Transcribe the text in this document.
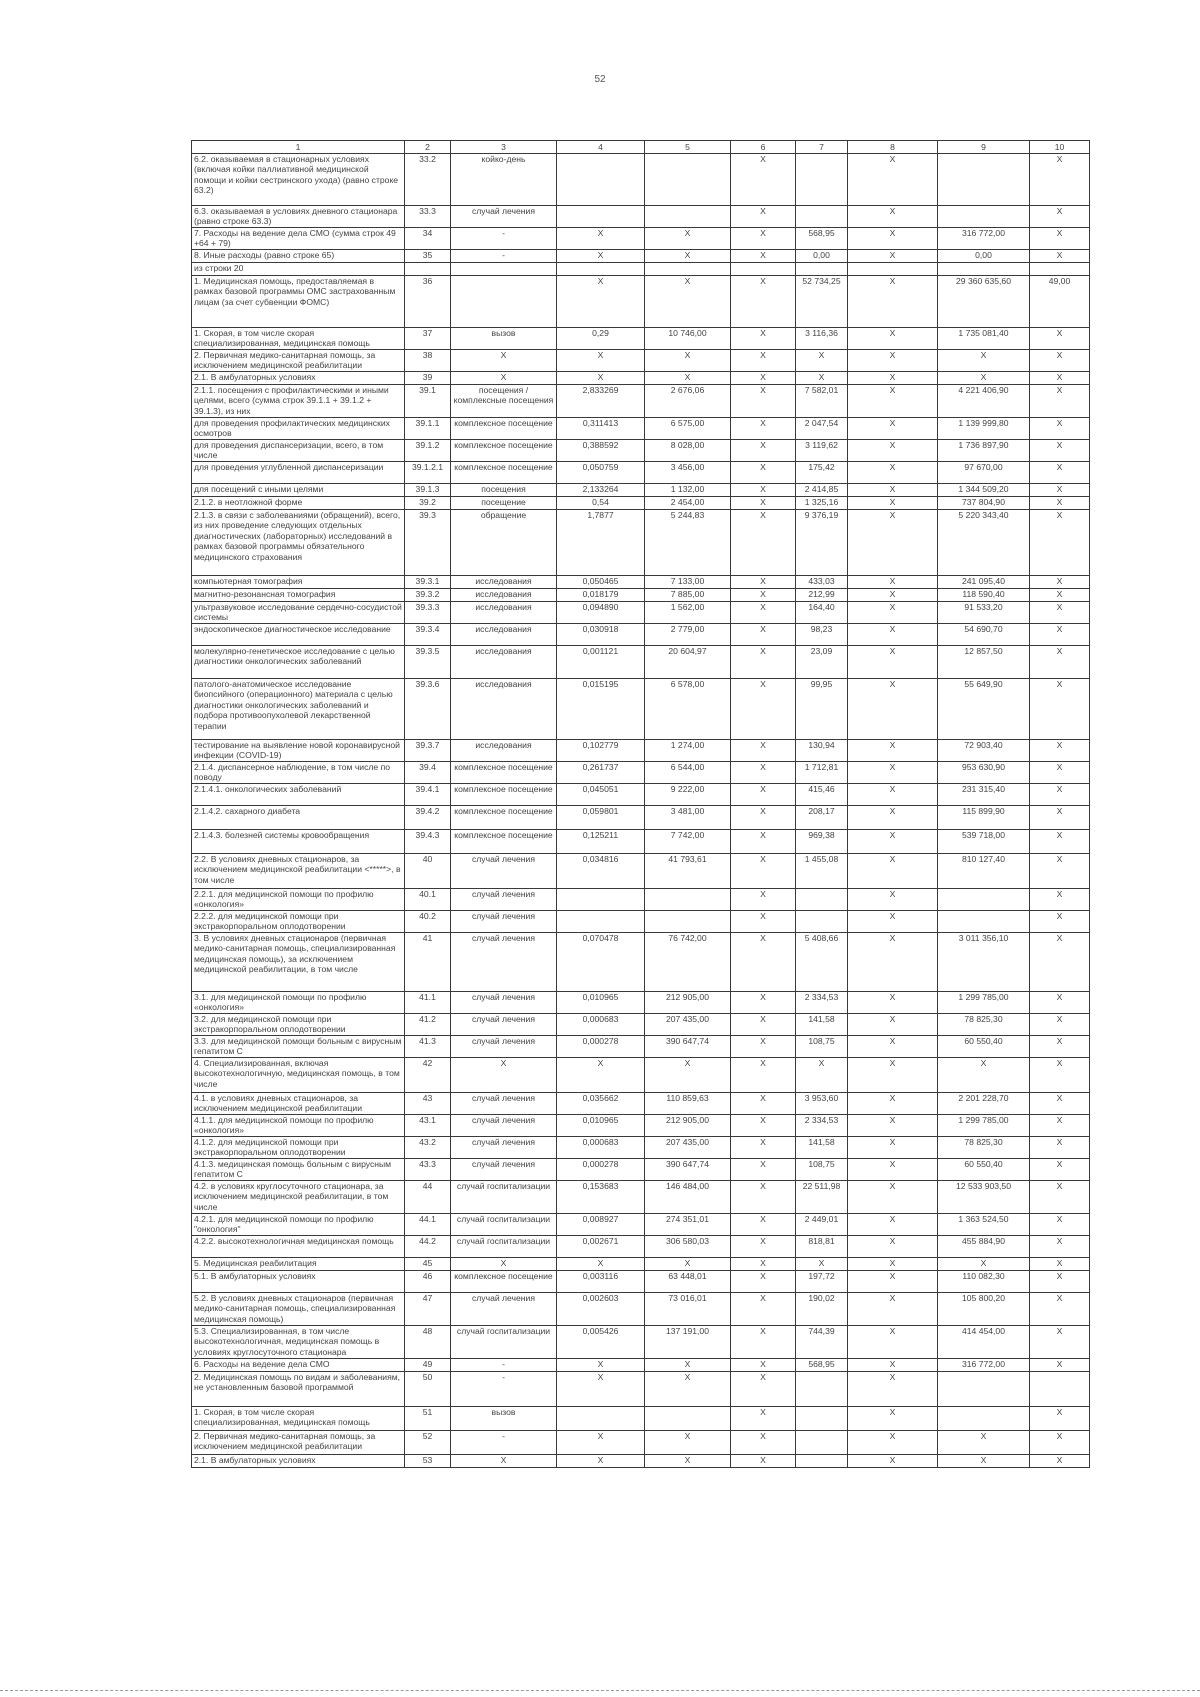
52
1	2	3	4	5	6	7	8	9	10
6.2. оказываемая в стационарных условиях (включая койки паллиативной медицинской помощи и койки сестринского ухода) (равно строке 63.2)	33.2	койко-день			X		X		X
6.3. оказываемая в условиях дневного стационара (равно строке 63.3)	33.3	случай лечения			X		X		X
7. Расходы на ведение дела СМО (сумма строк 49 +64 + 79)	34	-	X	X	X	568,95	X	316 772,00	X
8. Иные расходы (равно строке 65)	35	-	X	X	X	0,00	X	0,00	X
из строки 20									
1. Медицинская помощь, предоставляемая в рамках базовой программы ОМС застрахованным лицам (за счет субвенции ФОМС)	36		X	X	X	52 734,25	X	29 360 635,60	49,00
1. Скорая, в том числе скорая специализированная, медицинская помощь	37	вызов	0,29	10 746,00	X	3 116,36	X	1 735 081,40	X
2. Первичная медико-санитарная помощь, за исключением медицинской реабилитации	38	X	X	X	X	X	X	X	X
2.1. В амбулаторных условиях	39	X	X	X	X	X	X	X	X
2.1.1. посещения с профилактическими и иными целями, всего (сумма строк 39.1.1 + 39.1.2 + 39.1.3), из них	39.1	посещения / комплексные посещения	2,833269	2 676,06	X	7 582,01	X	4 221 406,90	X
для проведения профилактических медицинских осмотров	39.1.1	комплексное посещение	0,311413	6 575,00	X	2 047,54	X	1 139 999,80	X
для проведения диспансеризации, всего, в том числе	39.1.2	комплексное посещение	0,388592	8 028,00	X	3 119,62	X	1 736 897,90	X
для проведения углубленной диспансеризации	39.1.2.1	комплексное посещение	0,050759	3 456,00	X	175,42	X	97 670,00	X
для посещений с иными целями	39.1.3	посещения	2,133264	1 132,00	X	2 414,85	X	1 344 509,20	X
2.1.2. в неотложной форме	39.2	посещение	0,54	2 454,00	X	1 325,16	X	737 804,90	X
2.1.3. в связи с заболеваниями (обращений), всего, из них проведение следующих отдельных диагностических (лабораторных) исследований в рамках базовой программы обязательного медицинского страхования	39.3	обращение	1,7877	5 244,83	X	9 376,19	X	5 220 343,40	X
компьютерная томография	39.3.1	исследования	0,050465	7 133,00	X	433,03	X	241 095,40	X
магнитно-резонансная томография	39.3.2	исследования	0,018179	7 885,00	X	212,99	X	118 590,40	X
ультразвуковое исследование сердечно-сосудистой системы	39.3.3	исследования	0,094890	1 562,00	X	164,40	X	91 533,20	X
эндоскопическое диагностическое исследование	39.3.4	исследования	0,030918	2 779,00	X	98,23	X	54 690,70	X
молекулярно-генетическое исследование с целью диагностики онкологических заболеваний	39.3.5	исследования	0,001121	20 604,97	X	23,09	X	12 857,50	X
патолого-анатомическое исследование биопсийного (операционного) материала с целью диагностики онкологических заболеваний и подбора противоопухолевой лекарственной терапии	39.3.6	исследования	0,015195	6 578,00	X	99,95	X	55 649,90	X
тестирование на выявление новой коронавирусной инфекции (COVID-19)	39.3.7	исследования	0,102779	1 274,00	X	130,94	X	72 903,40	X
2.1.4. диспансерное наблюдение, в том числе по поводу	39.4	комплексное посещение	0,261737	6 544,00	X	1 712,81	X	953 630,90	X
2.1.4.1. онкологических заболеваний	39.4.1	комплексное посещение	0,045051	9 222,00	X	415,46	X	231 315,40	X
2.1.4.2. сахарного диабета	39.4.2	комплексное посещение	0,059801	3 481,00	X	208,17	X	115 899,90	X
2.1.4.3. болезней системы кровообращения	39.4.3	комплексное посещение	0,125211	7 742,00	X	969,38	X	539 718,00	X
2.2. В условиях дневных стационаров, за исключением медицинской реабилитации <*****>, в том числе	40	случай лечения	0,034816	41 793,61	X	1 455,08	X	810 127,40	X
2.2.1. для медицинской помощи по профилю «онкология»	40.1	случай лечения			X		X		X
2.2.2. для медицинской помощи при экстракорпоральном оплодотворении	40.2	случай лечения			X		X		X
3. В условиях дневных стационаров (первичная медико-санитарная помощь, специализированная медицинская помощь), за исключением медицинской реабилитации, в том числе	41	случай лечения	0,070478	76 742,00	X	5 408,66	X	3 011 356,10	X
3.1. для медицинской помощи по профилю «онкология»	41.1	случай лечения	0,010965	212 905,00	X	2 334,53	X	1 299 785,00	X
3.2. для медицинской помощи при экстракорпоральном оплодотворении	41.2	случай лечения	0,000683	207 435,00	X	141,58	X	78 825,30	X
3.3. для медицинской помощи больным с вирусным гепатитом С	41.3	случай лечения	0,000278	390 647,74	X	108,75	X	60 550,40	X
4. Специализированная, включая высокотехнологичную, медицинская помощь, в том числе	42	X	X	X	X	X	X	X	X
4.1. в условиях дневных стационаров, за исключением медицинской реабилитации	43	случай лечения	0,035662	110 859,63	X	3 953,60	X	2 201 228,70	X
4.1.1. для медицинской помощи по профилю «онкология»	43.1	случай лечения	0,010965	212 905,00	X	2 334,53	X	1 299 785,00	X
4.1.2. для медицинской помощи при экстракорпоральном оплодотворении	43.2	случай лечения	0,000683	207 435,00	X	141,58	X	78 825,30	X
4.1.3. медицинская помощь больным с вирусным гепатитом С	43.3	случай лечения	0,000278	390 647,74	X	108,75	X	60 550,40	X
4.2. в условиях круглосуточного стационара, за исключением медицинской реабилитации, в том числе	44	случай госпитализации	0,153683	146 484,00	X	22 511,98	X	12 533 903,50	X
4.2.1. для медицинской помощи по профилю "онкология"	44.1	случай госпитализации	0,008927	274 351,01	X	2 449,01	X	1 363 524,50	X
4.2.2. высокотехнологичная медицинская помощь	44.2	случай госпитализации	0,002671	306 580,03	X	818,81	X	455 884,90	X
5. Медицинская реабилитация	45	X	X	X	X	X	X	X	X
5.1. В амбулаторных условиях	46	комплексное посещение	0,003116	63 448,01	X	197,72	X	110 082,30	X
5.2. В условиях дневных стационаров (первичная медико-санитарная помощь, специализированная медицинская помощь)	47	случай лечения	0,002603	73 016,01	X	190,02	X	105 800,20	X
5.3. Специализированная, в том числе высокотехнологичная, медицинская помощь в условиях круглосуточного стационара	48	случай госпитализации	0,005426	137 191,00	X	744,39	X	414 454,00	X
6. Расходы на ведение дела СМО	49	-	X	X	X	568,95	X	316 772,00	X
2. Медицинская помощь по видам и заболеваниям, не установленным базовой программой	50	-	X	X	X		X		
1. Скорая, в том числе скорая специализированная, медицинская помощь	51	вызов			X		X		X
2. Первичная медико-санитарная помощь, за исключением медицинской реабилитации	52	-	X	X	X		X	X	X
2.1. В амбулаторных условиях	53	X	X	X	X		X	X	X
